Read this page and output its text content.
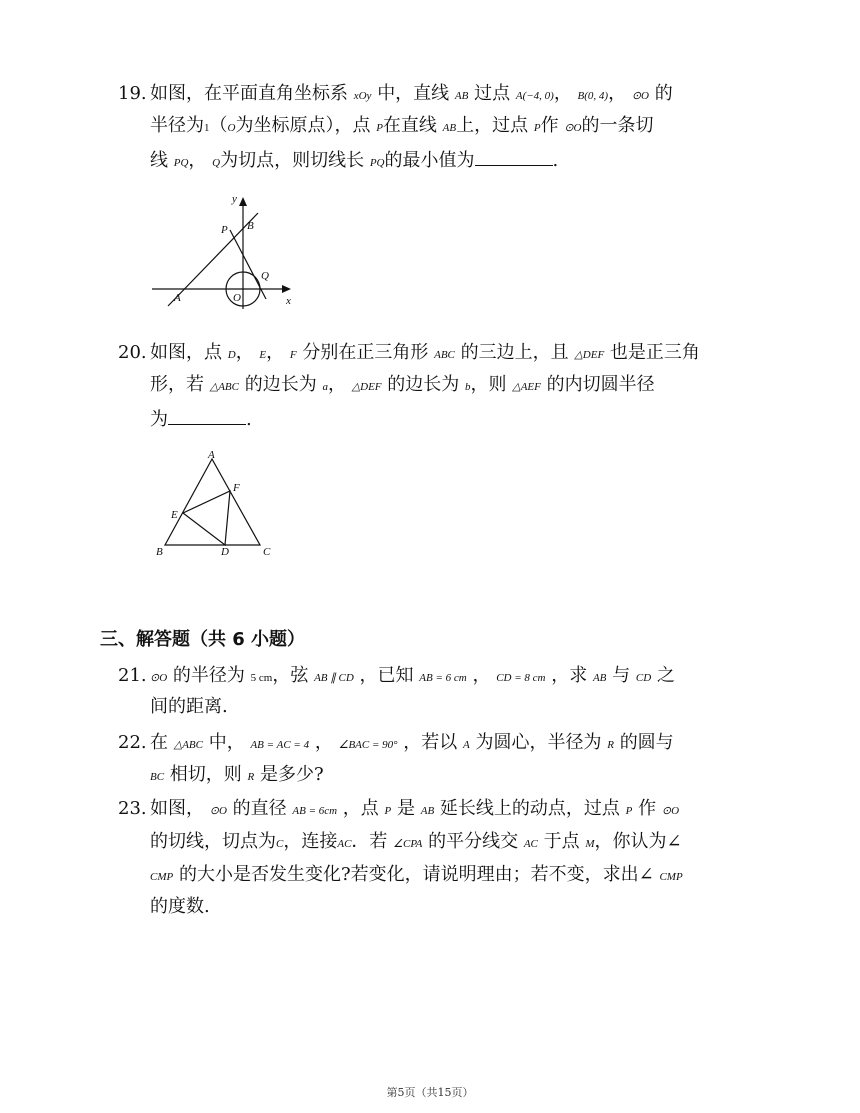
19. 如图，在平面直角坐标系 xOy 中，直线 AB 过点 A(−4, 0)， B(0, 4)， ⊙O 的
半径为1（O为坐标原点），点 P在直线 AB上，过点 P作 ⊙O的一条切
线 PQ， Q为切点，则切线长 PQ的最小值为	.
y
x
B
P
Q
A	O
20. 如图，点 D， E， F 分别在正三角形 ABC 的三边上，且 △DEF 也是正三角
形，若 △ABC 的边长为 a， △DEF 的边长为 b，则 △AEF 的内切圆半径
为	.
A
F
E
B	D	C
三、解答题（共 6 小题）
21. ⊙O 的半径为 5 cm，弦 AB ∥ CD ，已知 AB = 6 cm ， CD = 8 cm ，求 AB 与 CD 之
间的距离.
22. 在 △ABC 中， AB = AC = 4 ， ∠BAC = 90° ，若以 A 为圆心，半径为 R 的圆与
BC 相切，则 R 是多少?
23. 如图， ⊙O 的直径 AB = 6cm ，点 P 是 AB 延长线上的动点，过点 P 作 ⊙O
的切线，切点为C，连接AC．若 ∠CPA 的平分线交 AC 于点 M，你认为∠
CMP 的大小是否发生变化?若变化，请说明理由；若不变，求出∠ CMP
的度数.
第5页（共15页）
